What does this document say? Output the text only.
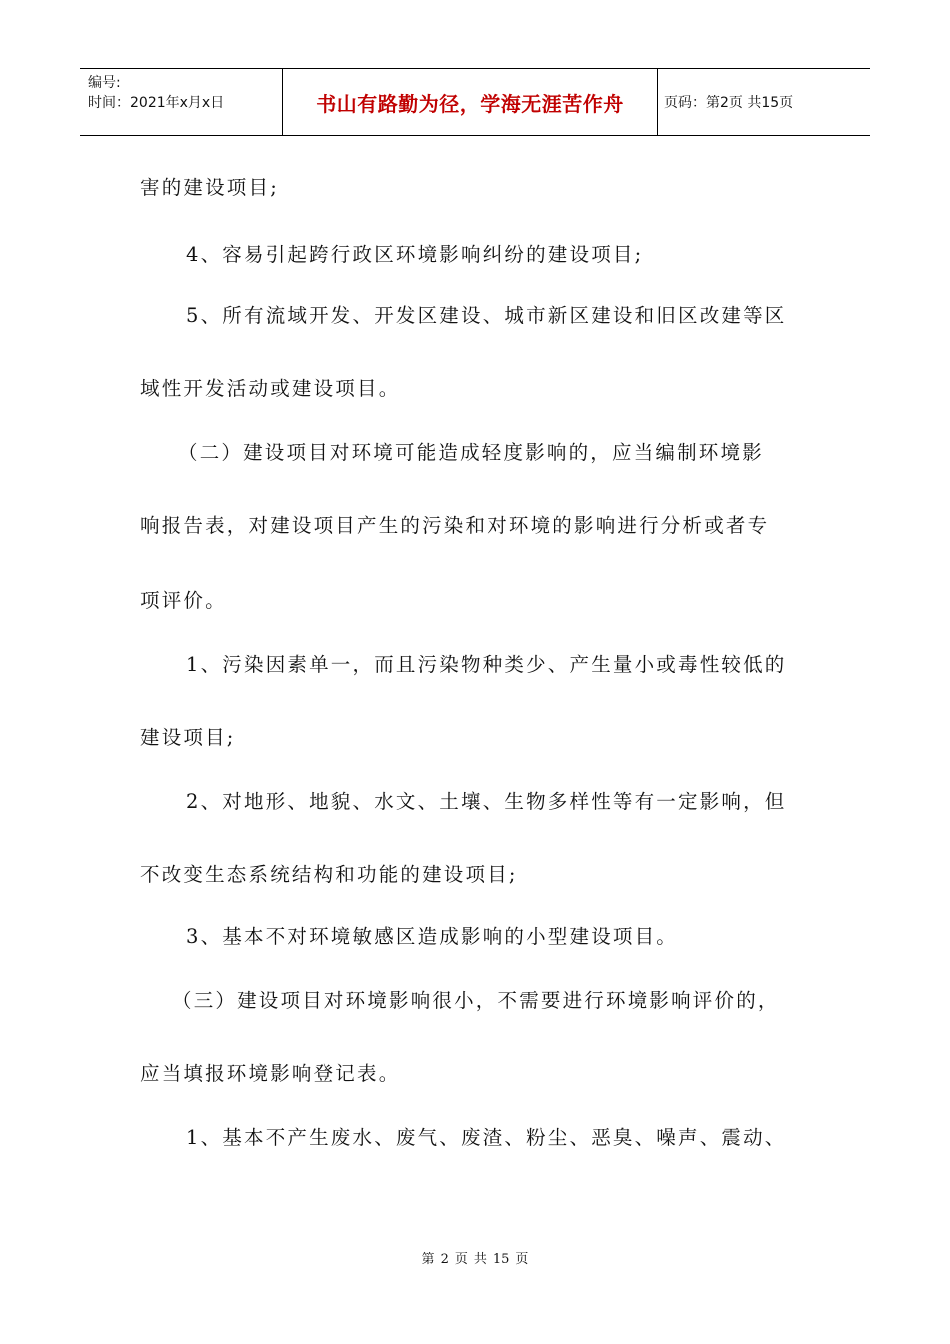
编号:
时间：2021年x月x日	书山有路勤为径，学海无涯苦作舟	页码：第2页 共15页

害的建设项目;

4、容易引起跨行政区环境影响纠纷的建设项目;

5、所有流域开发、开发区建设、城市新区建设和旧区改建等区

域性开发活动或建设项目。

（二）建设项目对环境可能造成轻度影响的，应当编制环境影

响报告表，对建设项目产生的污染和对环境的影响进行分析或者专

项评价。

1、污染因素单一，而且污染物种类少、产生量小或毒性较低的

建设项目;

2、对地形、地貌、水文、土壤、生物多样性等有一定影响，但

不改变生态系统结构和功能的建设项目;

3、基本不对环境敏感区造成影响的小型建设项目。

（三）建设项目对环境影响很小，不需要进行环境影响评价的，

应当填报环境影响登记表。

1、基本不产生废水、废气、废渣、粉尘、恶臭、噪声、震动、

第 2 页 共 15 页
